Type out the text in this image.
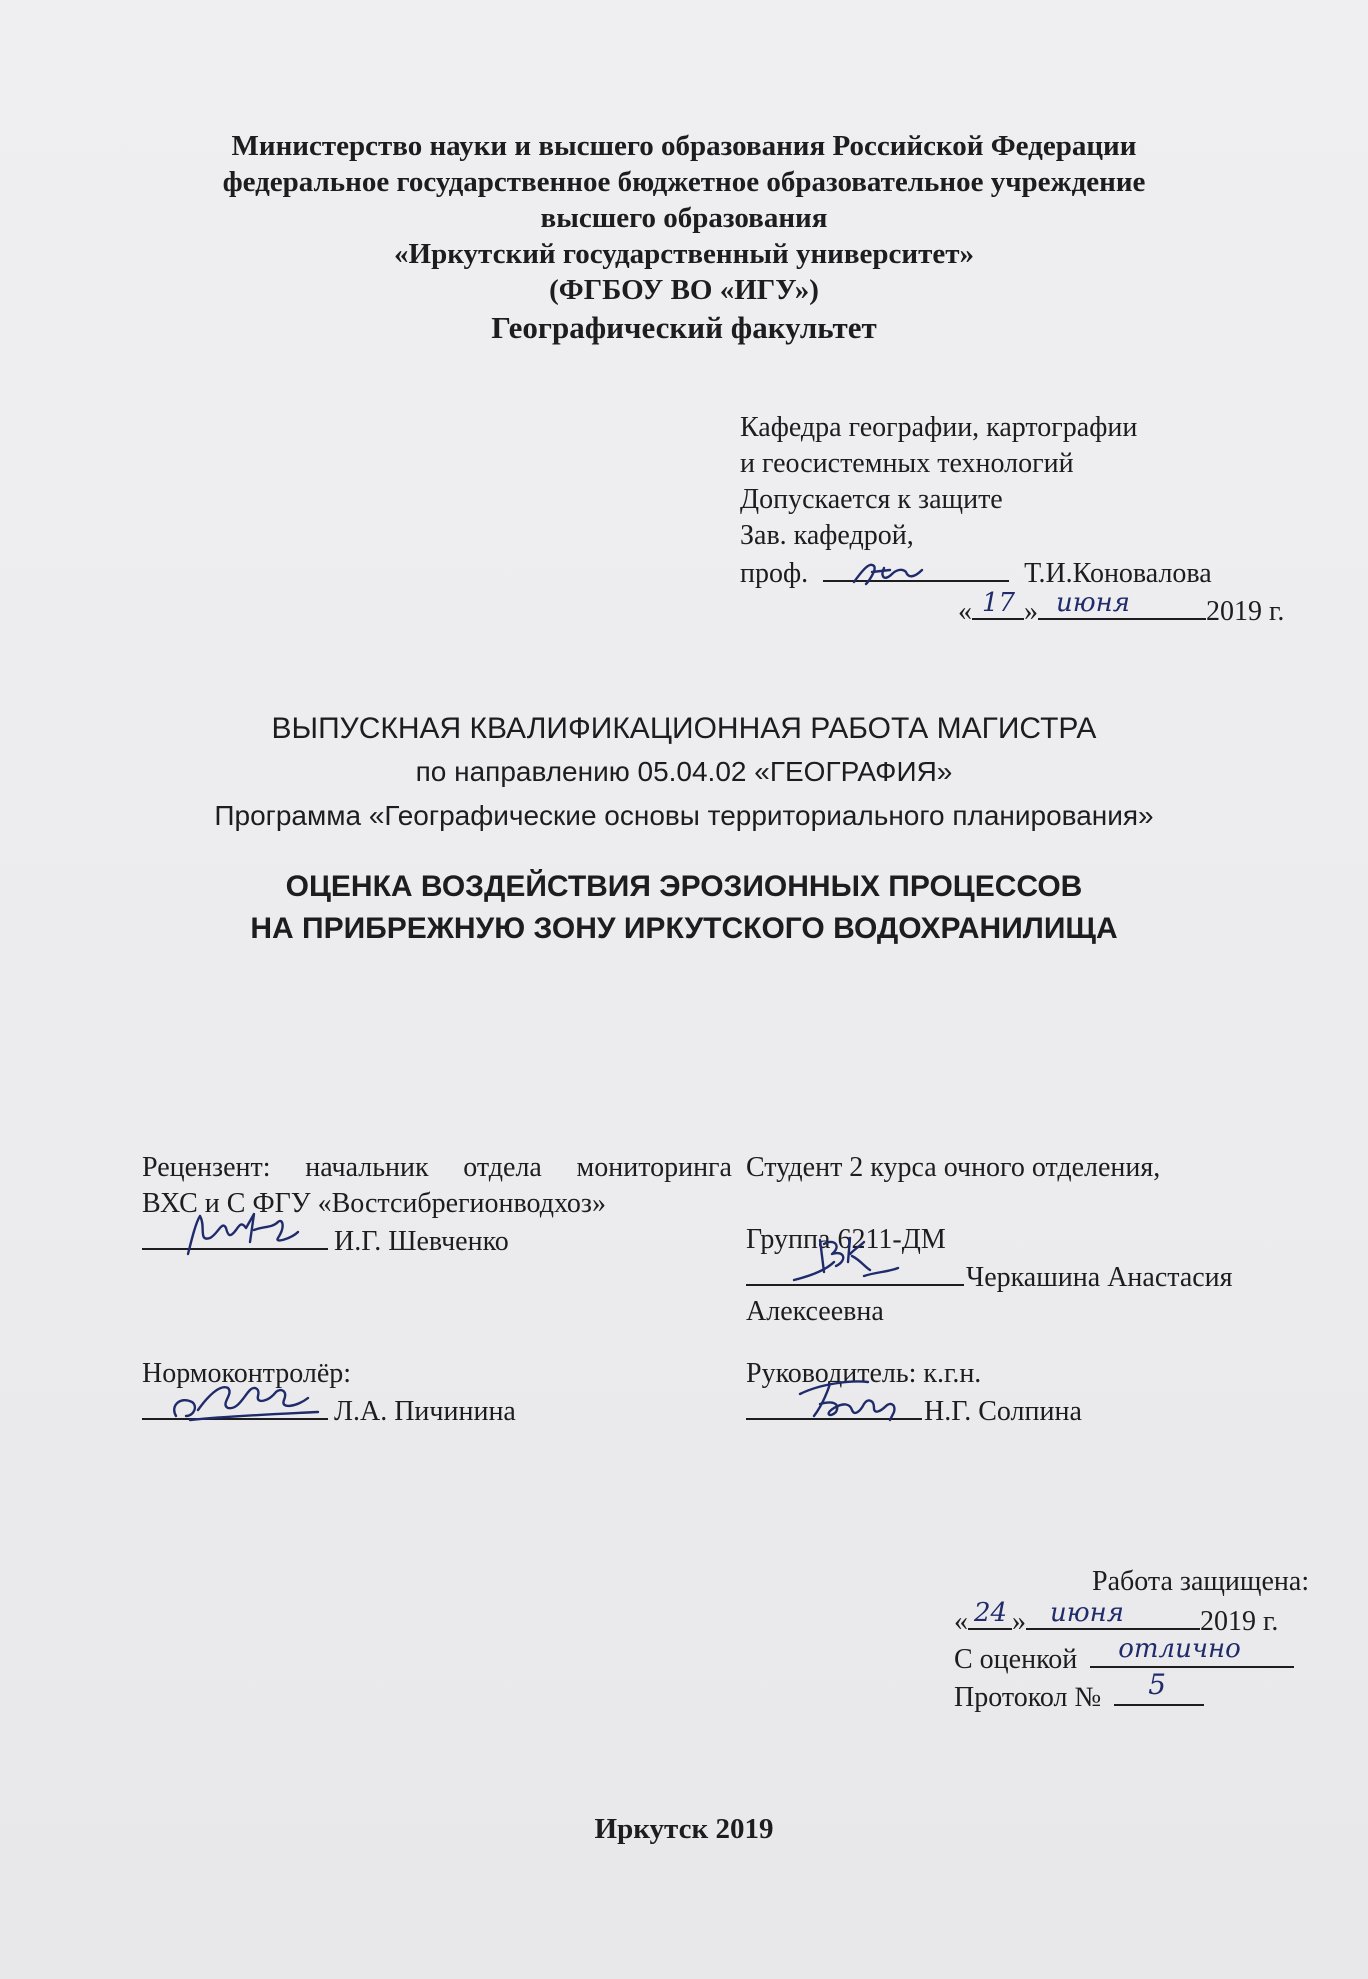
Министерство науки и высшего образования Российской Федерации
федеральное государственное бюджетное образовательное учреждение
высшего образования
«Иркутский государственный университет»
(ФГБОУ ВО «ИГУ»)
Географический факультет
Кафедра географии, картографии
и геосистемных технологий
Допускается к защите
Зав. кафедрой,
проф.	Т.И.Коновалова
« 17 » июня	2019 г.
ВЫПУСКНАЯ КВАЛИФИКАЦИОННАЯ РАБОТА МАГИСТРА
по направлению 05.04.02 «ГЕОГРАФИЯ»
Программа «Географические основы территориального планирования»
ОЦЕНКА ВОЗДЕЙСТВИЯ ЭРОЗИОННЫХ ПРОЦЕССОВ
НА ПРИБРЕЖНУЮ ЗОНУ ИРКУТСКОГО ВОДОХРАНИЛИЩА
Рецензент: начальник отдела мониторинга
ВХС и С ФГУ «Востсибрегионводхоз»
И.Г. Шевченко
Студент 2 курса очного отделения,
Группа 6211-ДМ
Черкашина Анастасия
Алексеевна
Нормоконтролёр:
Л.А. Пичинина
Руководитель: к.г.н.
Н.Г. Солпина
Работа защищена:
« 24 » июня	2019 г.
С оценкой отлично
Протокол № 5
Иркутск 2019
